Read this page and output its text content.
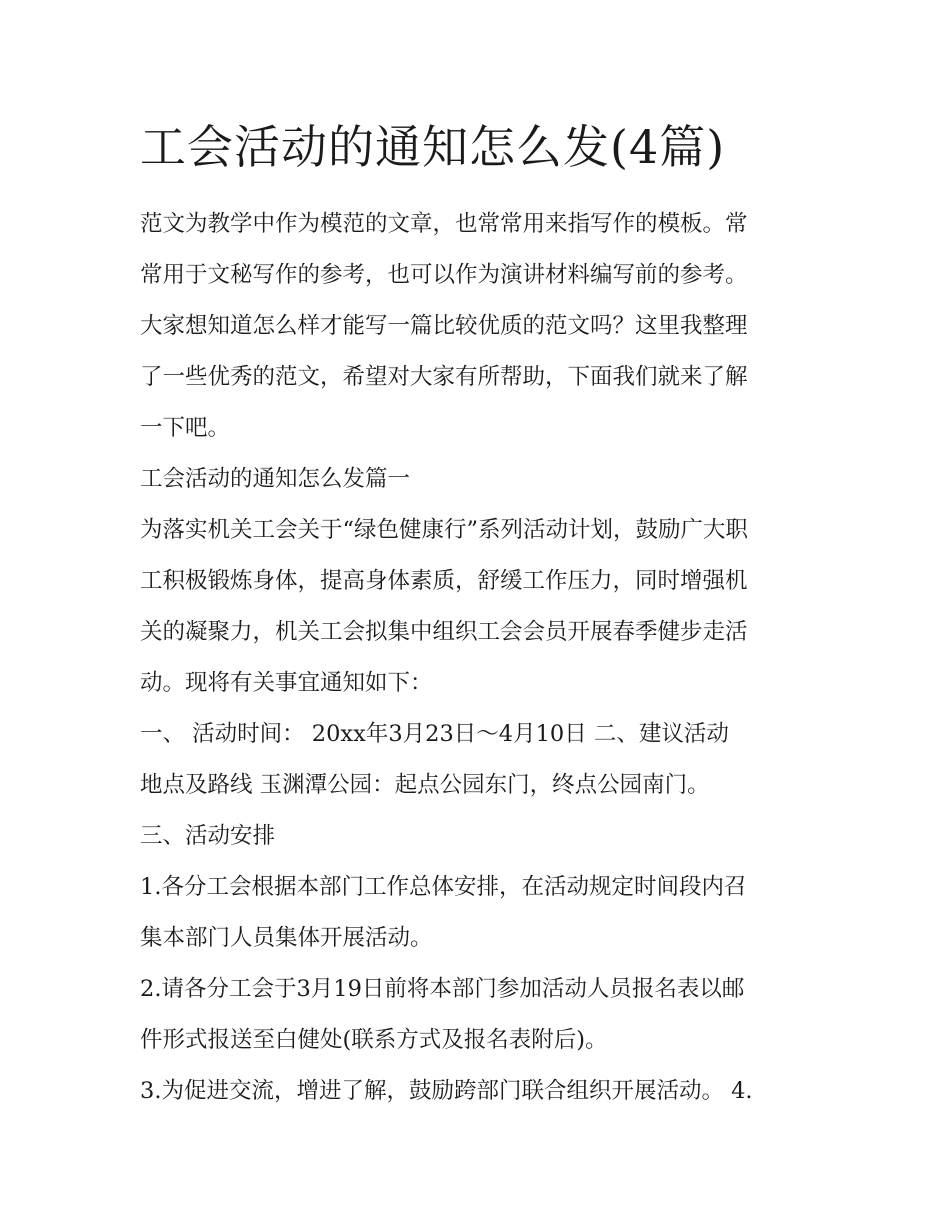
工会活动的通知怎么发(4篇)
范文为教学中作为模范的文章，也常常用来指写作的模板。常
常用于文秘写作的参考，也可以作为演讲材料编写前的参考。
大家想知道怎么样才能写一篇比较优质的范文吗？这里我整理
了一些优秀的范文，希望对大家有所帮助，下面我们就来了解
一下吧。
工会活动的通知怎么发篇一
为落实机关工会关于“绿色健康行”系列活动计划，鼓励广大职
工积极锻炼身体，提高身体素质，舒缓工作压力，同时增强机
关的凝聚力，机关工会拟集中组织工会会员开展春季健步走活
动。现将有关事宜通知如下：
一、 活动时间： 20xx年3月23日～4月10日 二、建议活动
地点及路线 玉渊潭公园：起点公园东门，终点公园南门。
三、活动安排
1.各分工会根据本部门工作总体安排，在活动规定时间段内召
集本部门人员集体开展活动。
2.请各分工会于3月19日前将本部门参加活动人员报名表以邮
件形式报送至白健处(联系方式及报名表附后)。
3.为促进交流，增进了解，鼓励跨部门联合组织开展活动。 4.
